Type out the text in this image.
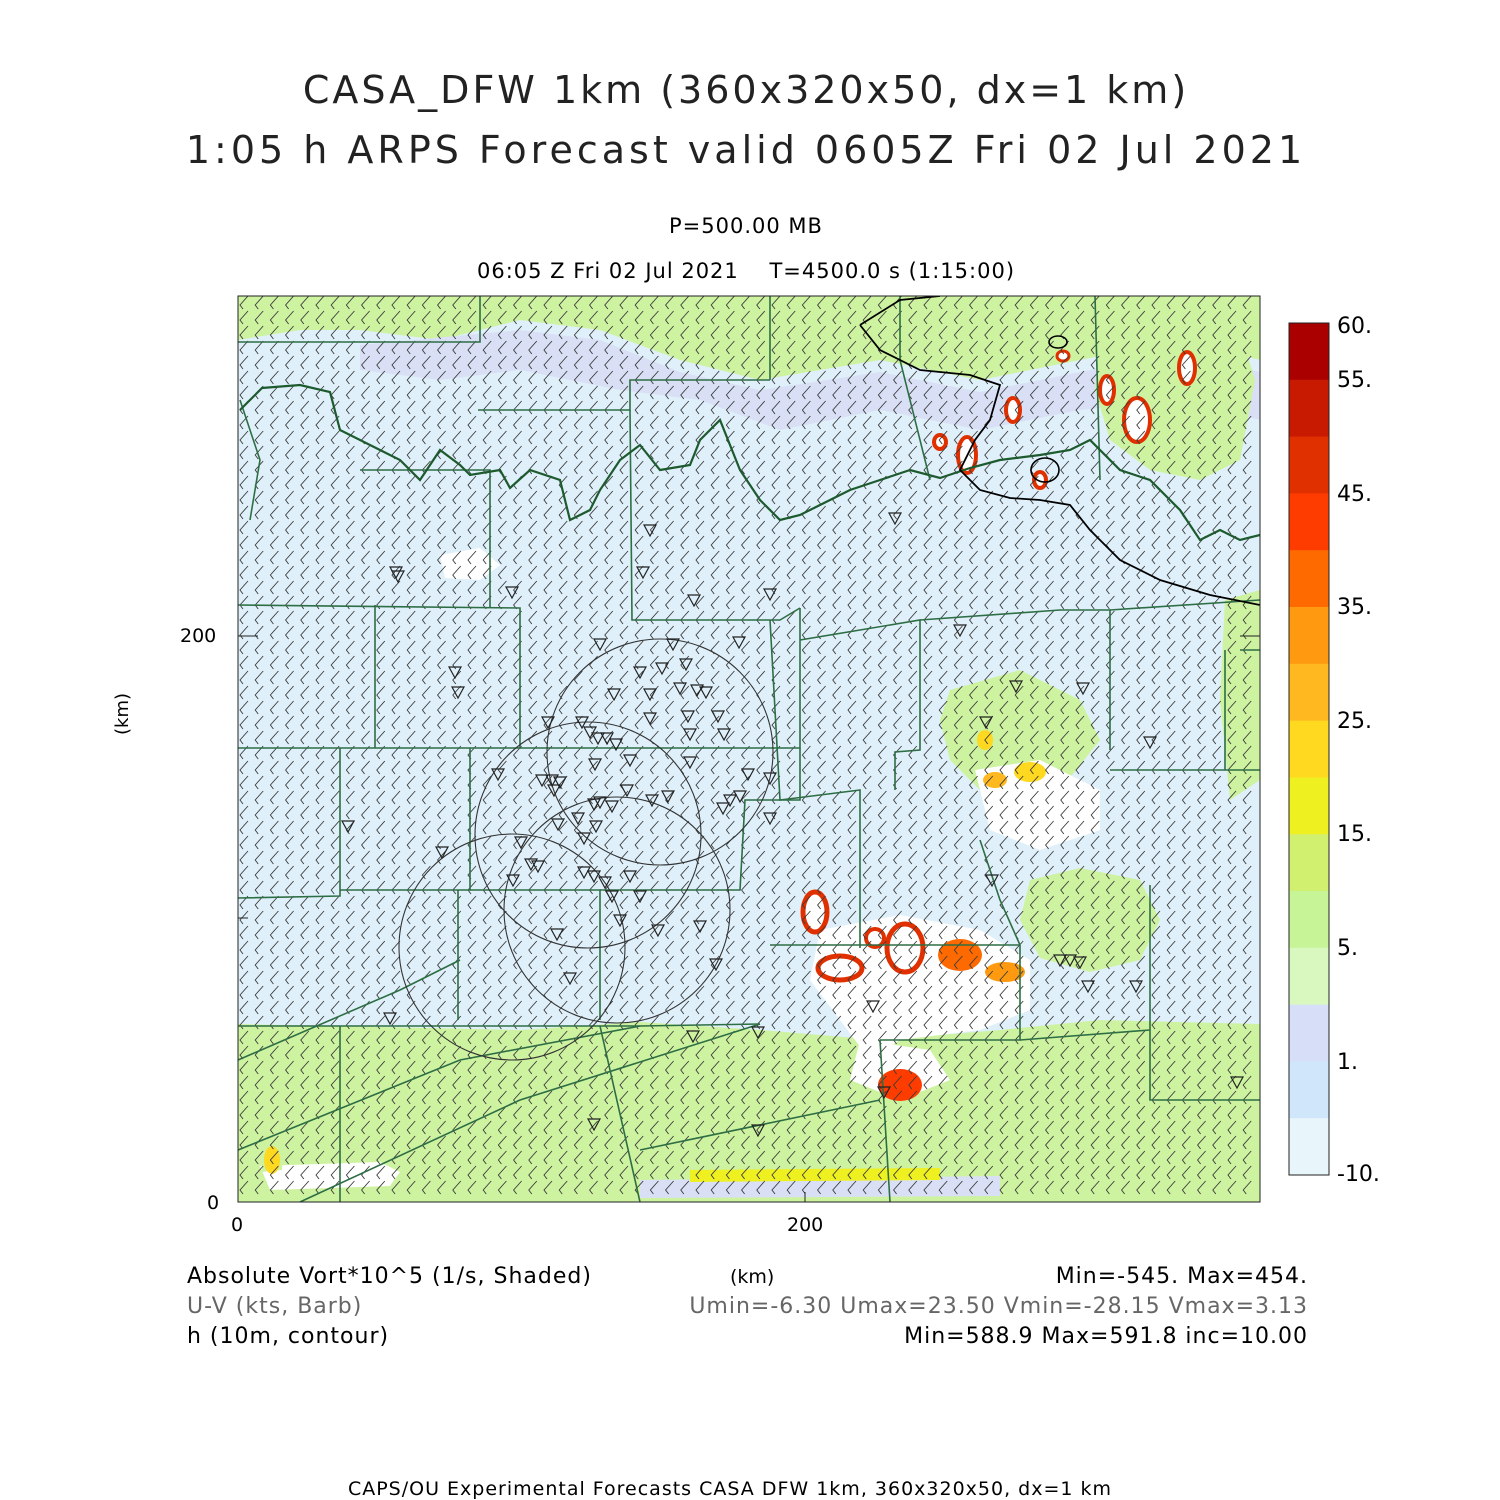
CASA_DFW 1km (360x320x50, dx=1 km)
1:05 h ARPS Forecast valid 0605Z Fri 02 Jul 2021
P=500.00 MB
06:05 Z Fri 02 Jul 2021    T=4500.0 s (1:15:00)
0	200
0
200
(km)
60.
55.
45.
35.
25.
15.
5.
1.
-10.
Absolute Vort*10^5 (1/s, Shaded)	(km)	Min=-545. Max=454.
U-V (kts, Barb)	Umin=-6.30 Umax=23.50 Vmin=-28.15 Vmax=3.13
h (10m, contour)	Min=588.9 Max=591.8 inc=10.00
CAPS/OU Experimental Forecasts CASA DFW 1km, 360x320x50, dx=1 km
